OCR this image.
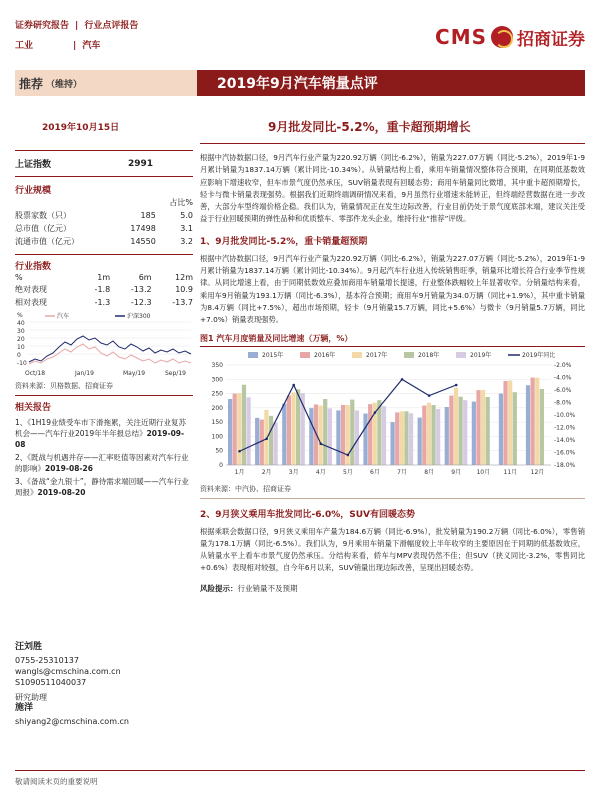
证券研究报告 | 行业点评报告
工业	| 汽车	CMS 招商证券
推荐 （维持）	2019年9月汽车销量点评
2019年10月15日	9月批发同比-5.2%，重卡超预期增长
上证指数	2991
行业规模
		占比%
股票家数（只）	185	5.0
总市值（亿元）	17498	3.1
流通市值（亿元）	14550	3.2
行业指数
%	1m	6m	12m
绝对表现	-1.8	-13.2	10.9
相对表现	-1.3	-12.3	-13.7
%
40
30
20
10
0
-10
汽车	沪深300
Oct/18	Jan/19	May/19	Sep/19
资料来源：贝格数据、招商证券
相关报告
1、《1H19业绩受车市下滑拖累，关注近期行业复苏机会——汽车行业2019年半年报总结》2019-09-08
2、《既战与机遇并存——汇率贬值等因素对汽车行业的影响》2019-08-26
3、《备战“金九银十”，静待需求端回暖——汽车行业周报》2019-08-20
汪刘胜
0755-25310137
wangls@cmschina.com.cn
S1090511040037
研究助理
施洋
shiyang2@cmschina.com.cn
根据中汽协数据口径，9月汽车行业产量为220.92万辆（同比-6.2%），销量为227.07万辆（同比-5.2%），2019年1-9月累计销量为1837.14万辆（累计同比-10.34%）。从销量结构上看，乘用车销量情况整体符合预期，在同期低基数效应影响下增速收窄，但车市景气度仍然承压，SUV销量表现有回暖态势；商用车销量同比微增，其中重卡超预期增长，轻卡与微卡销量表现强势。根据我们近期终端调研情况来看，9月虽然行业增速未能转正，但终端经营数据在进一步改善，大部分车型终端价格企稳。我们认为，销量情况正在发生边际改善，行业目前仍处于景气度底部末端，建议关注受益于行业回暖预期的弹性品种和优质整车、零部件龙头企业，维持行业“推荐”评级。
1、9月批发同比-5.2%，重卡销量超预期
根据中汽协数据口径，9月汽车行业产量为220.92万辆（同比-6.2%），销量为227.07万辆（同比-5.2%），2019年1-9月累计销量为1837.14万辆（累计同比-10.34%）。9月起汽车行业进入传统销售旺季，销量环比增长符合行业季节性规律。从同比增速上看，由于同期低数效应叠加商用车销量增长提速，行业整体跌幅较上年显著收窄。分销量结构来看，乘用车9月销量为193.1万辆（同比-6.3%），基本符合预期；商用车9月销量为34.0万辆（同比+1.9%），其中重卡销量为8.4万辆（同比+7.5%），超出市场预期，轻卡（9月销量15.7万辆，同比+5.6%）与微卡（9月销量5.7万辆，同比+7.0%）销量表现强势。
图1 汽车月度销量及同比增速（万辆，%）
0
50
100
150
200
250
300
350	-2.0%
-4.0%
-6.0%
-8.0%
-10.0%
-12.0%
-14.0%
-16.0%
-18.0%
1月	2月	3月	4月	5月	6月	7月	8月	9月	10月 11月 12月
2015年	2016年	2017年	2018年	2019年	2019年同比
资料来源：中汽协、招商证券
2、9月狭义乘用车批发同比-6.0%，SUV有回暖态势
根据乘联会数据口径，9月狭义乘用车产量为184.6万辆（同比-6.9%），批发销量为190.2万辆（同比-6.0%），零售销量为178.1万辆（同比-6.5%）。我们认为，9月乘用车销量下滑幅度较上半年收窄的主要原因在于同期的低基数效应，从销量水平上看车市景气度仍然承压。分结构来看，轿车与MPV表现仍然不佳；但SUV（狭义同比-3.2%，零售同比+0.6%）表现相对较强，自今年6月以来，SUV销量出现边际改善，呈现出回暖态势。
风险提示：行业销量不及预期
敬请阅读末页的重要说明
